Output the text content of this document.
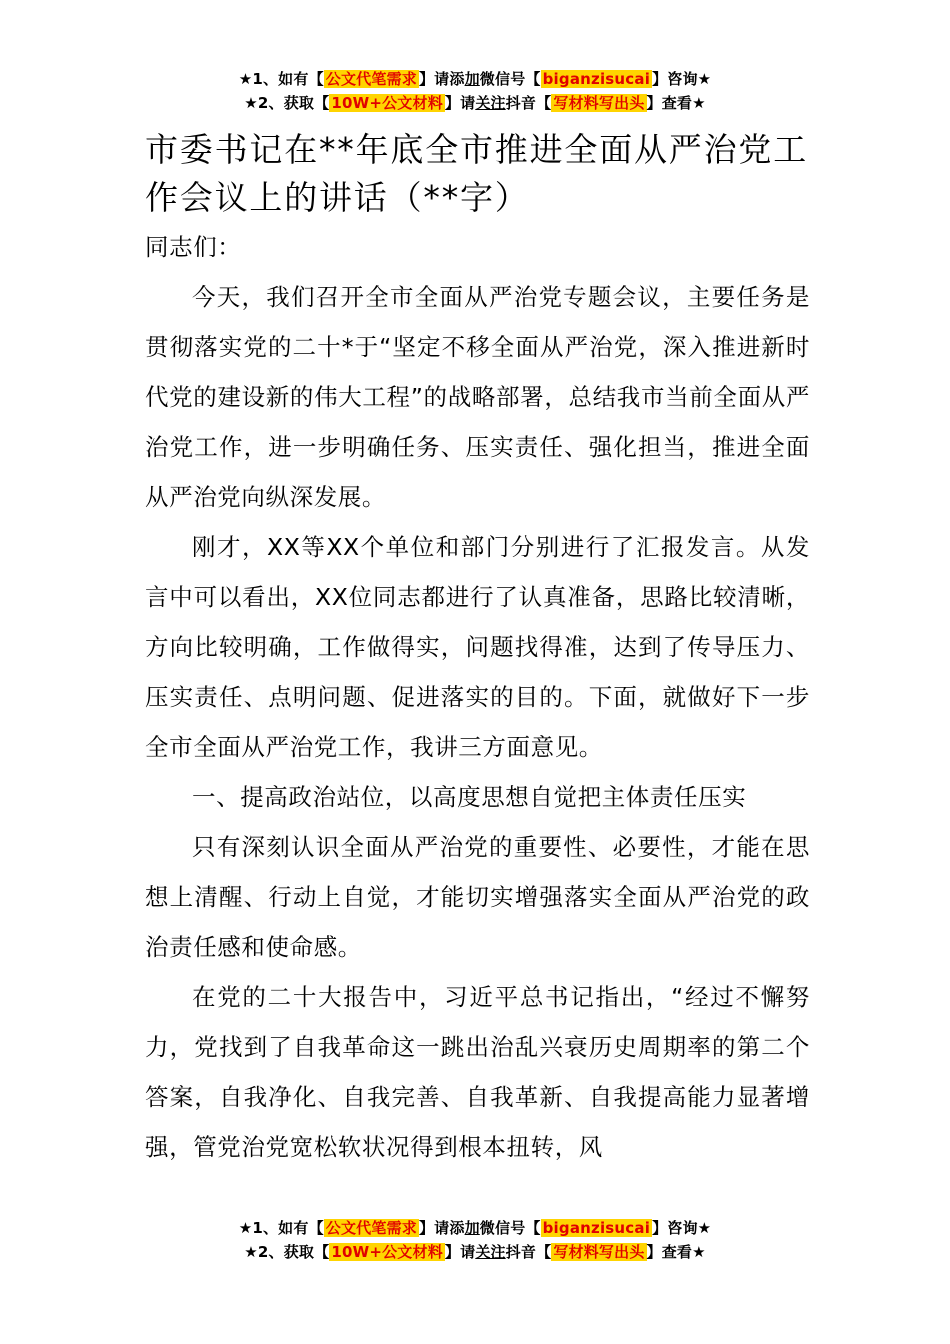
★1、如有【 公文代笔需求 】请添加微信号【 biganzisucai 】咨询★
★2、获取【 10W+公文材料 】请关注抖音【 写材料写出头 】查看★
市委书记在**年底全市推进全面从严治党工作会议上的讲话（**字）

同志们：

今天，我们召开全市全面从严治党专题会议，主要任务是贯彻落实党的二十*于“坚定不移全面从严治党，深入推进新时代党的建设新的伟大工程”的战略部署，总结我市当前全面从严治党工作，进一步明确任务、压实责任、强化担当，推进全面从严治党向纵深发展。

刚才，XX等XX个单位和部门分别进行了汇报发言。从发言中可以看出，XX位同志都进行了认真准备，思路比较清晰，方向比较明确，工作做得实，问题找得准，达到了传导压力、压实责任、点明问题、促进落实的目的。下面，就做好下一步全市全面从严治党工作，我讲三方面意见。

一、提高政治站位，以高度思想自觉把主体责任压实

只有深刻认识全面从严治党的重要性、必要性，才能在思想上清醒、行动上自觉，才能切实增强落实全面从严治党的政治责任感和使命感。

在党的二十大报告中，习近平总书记指出，“经过不懈努力，党找到了自我革命这一跳出治乱兴衰历史周期率的第二个答案，自我净化、自我完善、自我革新、自我提高能力显著增强，管党治党宽松软状况得到根本扭转，风

★1、如有【 公文代笔需求 】请添加微信号【 biganzisucai 】咨询★
★2、获取【 10W+公文材料 】请关注抖音【 写材料写出头 】查看★
